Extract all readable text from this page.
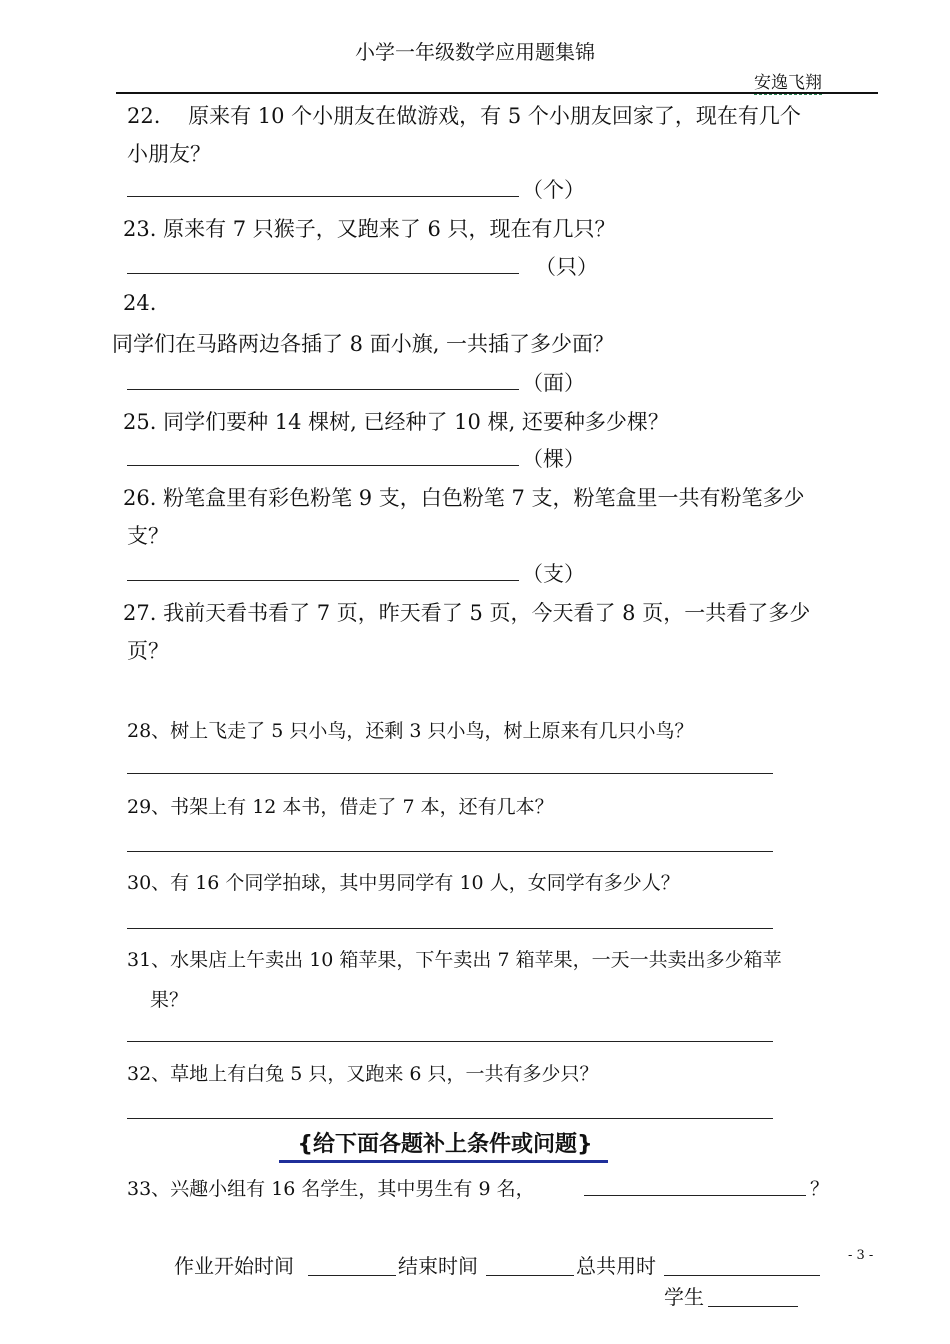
小学一年级数学应用题集锦
安逸飞翔
22.　 原来有 10 个小朋友在做游戏，有 5 个小朋友回家了，现在有几个
小朋友？
（个）
23. 原来有 7 只猴子，又跑来了 6 只，现在有几只？
（只）
24.
同学们在马路两边各插了 8 面小旗, 一共插了多少面？
（面）
25. 同学们要种 14 棵树, 已经种了 10 棵, 还要种多少棵？
（棵）
26. 粉笔盒里有彩色粉笔 9 支，白色粉笔 7 支，粉笔盒里一共有粉笔多少
支？
（支）
27. 我前天看书看了 7 页，昨天看了 5 页，今天看了 8 页，一共看了多少
页？
28、树上飞走了 5 只小鸟，还剩 3 只小鸟，树上原来有几只小鸟？
29、书架上有 12 本书，借走了 7 本，还有几本？
30、有 16 个同学拍球，其中男同学有 10 人，女同学有多少人？
31、水果店上午卖出 10 箱苹果，下午卖出 7 箱苹果，一天一共卖出多少箱苹
果？
32、草地上有白兔 5 只，又跑来 6 只，一共有多少只？
{给下面各题补上条件或问题}
33、兴趣小组有 16 名学生，其中男生有 9 名，	？
作业开始时间	结束时间	总共用时
学生
- 3 -
